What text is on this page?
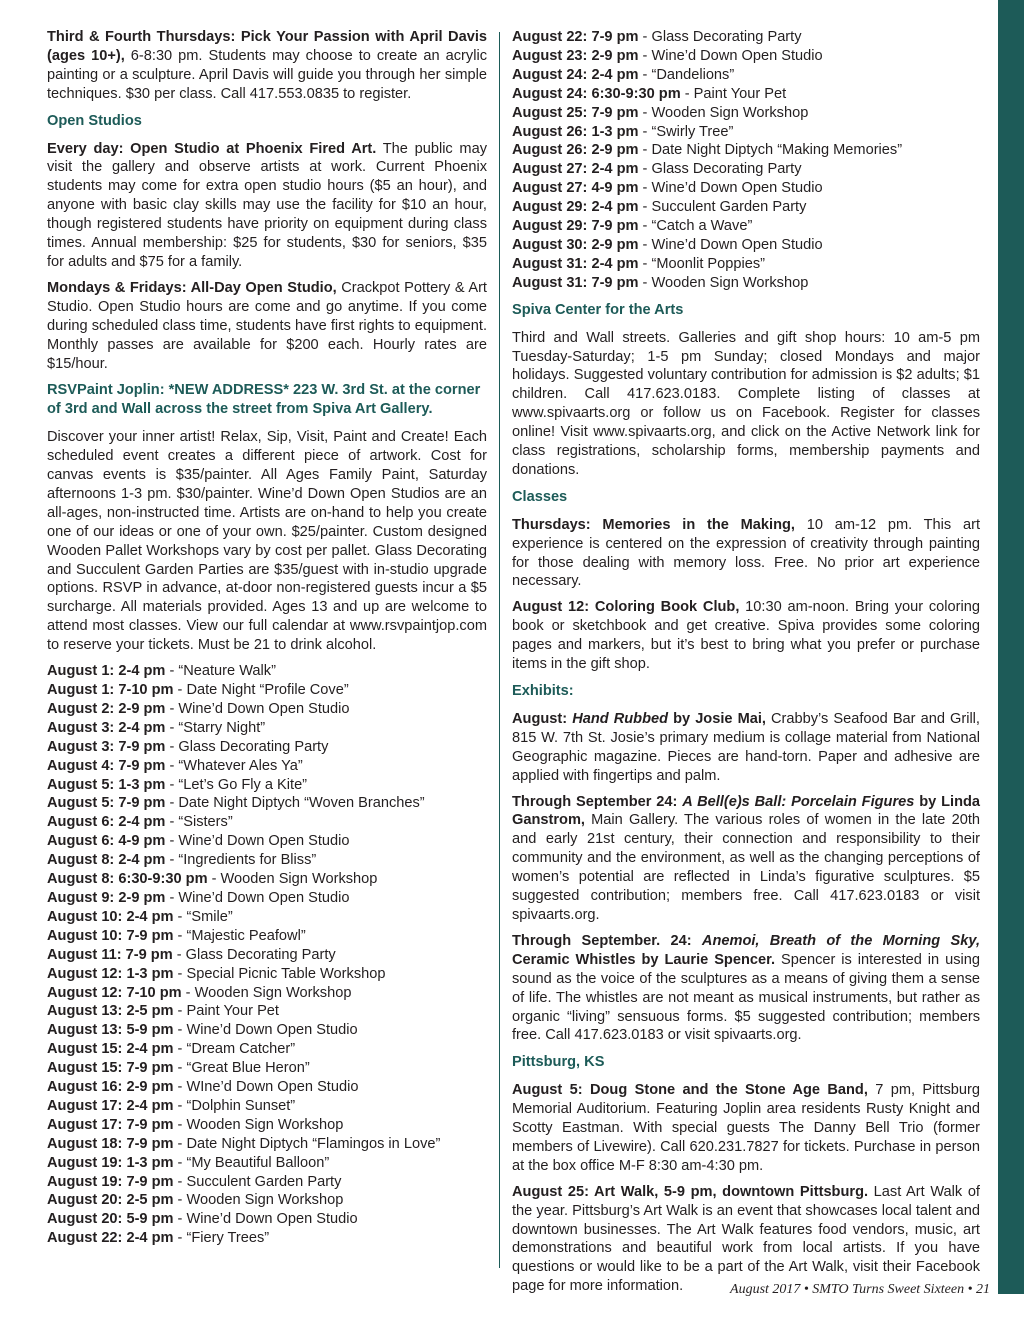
Third & Fourth Thursdays: Pick Your Passion with April Davis (ages 10+), 6-8:30 pm. Students may choose to create an acrylic painting or a sculpture. April Davis will guide you through her simple techniques. $30 per class. Call 417.553.0835 to register.

Open Studios

Every day: Open Studio at Phoenix Fired Art. The public may visit the gallery and observe artists at work. Current Phoenix students may come for extra open studio hours ($5 an hour), and anyone with basic clay skills may use the facility for $10 an hour, though registered students have priority on equipment during class times. Annual membership: $25 for students, $30 for seniors, $35 for adults and $75 for a family.

Mondays & Fridays: All-Day Open Studio, Crackpot Pottery & Art Studio. Open Studio hours are come and go anytime. If you come during scheduled class time, students have first rights to equipment. Monthly passes are available for $200 each. Hourly rates are $15/hour.

RSVPaint Joplin: *NEW ADDRESS* 223 W. 3rd St. at the corner of 3rd and Wall across the street from Spiva Art Gallery.

Discover your inner artist! Relax, Sip, Visit, Paint and Create! Each scheduled event creates a different piece of artwork. Cost for canvas events is $35/painter. All Ages Family Paint, Saturday afternoons 1-3 pm. $30/painter. Wine’d Down Open Studios are an all-ages, non-instructed time. Artists are on-hand to help you create one of our ideas or one of your own. $25/painter. Custom designed Wooden Pallet Workshops vary by cost per pallet. Glass Decorating and Succulent Garden Parties are $35/guest with in-studio upgrade options. RSVP in advance, at-door non-registered guests incur a $5 surcharge. All materials provided. Ages 13 and up are welcome to attend most classes. View our full calendar at www.rsvpaintjop.com to reserve your tickets. Must be 21 to drink alcohol.

August 1: 2-4 pm - “Neature Walk”
August 1: 7-10 pm - Date Night “Profile Cove”
August 2: 2-9 pm - Wine’d Down Open Studio
August 3: 2-4 pm - “Starry Night”
August 3: 7-9 pm - Glass Decorating Party
August 4: 7-9 pm - “Whatever Ales Ya”
August 5: 1-3 pm - “Let’s Go Fly a Kite”
August 5: 7-9 pm - Date Night Diptych “Woven Branches”
August 6: 2-4 pm - “Sisters”
August 6: 4-9 pm - Wine’d Down Open Studio
August 8: 2-4 pm - “Ingredients for Bliss”
August 8: 6:30-9:30 pm - Wooden Sign Workshop
August 9: 2-9 pm - Wine’d Down Open Studio
August 10: 2-4 pm - “Smile”
August 10: 7-9 pm - “Majestic Peafowl”
August 11: 7-9 pm - Glass Decorating Party
August 12: 1-3 pm - Special Picnic Table Workshop
August 12: 7-10 pm - Wooden Sign Workshop
August 13: 2-5 pm - Paint Your Pet
August 13: 5-9 pm - Wine’d Down Open Studio
August 15: 2-4 pm - “Dream Catcher”
August 15: 7-9 pm - “Great Blue Heron”
August 16: 2-9 pm - WIne’d Down Open Studio
August 17: 2-4 pm - “Dolphin Sunset”
August 17: 7-9 pm - Wooden Sign Workshop
August 18: 7-9 pm - Date Night Diptych “Flamingos in Love”
August 19: 1-3 pm - “My Beautiful Balloon”
August 19: 7-9 pm - Succulent Garden Party
August 20: 2-5 pm - Wooden Sign Workshop
August 20: 5-9 pm - Wine’d Down Open Studio
August 22: 2-4 pm - “Fiery Trees”
August 22: 7-9 pm - Glass Decorating Party
August 23: 2-9 pm - Wine’d Down Open Studio
August 24: 2-4 pm - “Dandelions”
August 24: 6:30-9:30 pm - Paint Your Pet
August 25: 7-9 pm - Wooden Sign Workshop
August 26: 1-3 pm - “Swirly Tree”
August 26: 2-9 pm - Date Night Diptych “Making Memories”
August 27: 2-4 pm - Glass Decorating Party
August 27: 4-9 pm - Wine’d Down Open Studio
August 29: 2-4 pm - Succulent Garden Party
August 29: 7-9 pm - “Catch a Wave”
August 30: 2-9 pm - Wine’d Down Open Studio
August 31: 2-4 pm - “Moonlit Poppies”
August 31: 7-9 pm - Wooden Sign Workshop
Spiva Center for the Arts

Third and Wall streets. Galleries and gift shop hours: 10 am-5 pm Tuesday-Saturday; 1-5 pm Sunday; closed Mondays and major holidays. Suggested voluntary contribution for admission is $2 adults; $1 children. Call 417.623.0183. Complete listing of classes at www.spivaarts.org or follow us on Facebook. Register for classes online! Visit www.spivaarts.org, and click on the Active Network link for class registrations, scholarship forms, membership payments and donations.

Classes

Thursdays: Memories in the Making, 10 am-12 pm. This art experience is centered on the expression of creativity through painting for those dealing with memory loss. Free. No prior art experience necessary.

August 12: Coloring Book Club, 10:30 am-noon. Bring your coloring book or sketchbook and get creative. Spiva provides some coloring pages and markers, but it’s best to bring what you prefer or purchase items in the gift shop.

Exhibits:

August: Hand Rubbed by Josie Mai, Crabby’s Seafood Bar and Grill, 815 W. 7th St. Josie’s primary medium is collage material from National Geographic magazine. Pieces are hand-torn. Paper and adhesive are applied with fingertips and palm.

Through September 24: A Bell(e)s Ball: Porcelain Figures by Linda Ganstrom, Main Gallery. The various roles of women in the late 20th and early 21st century, their connection and responsibility to their community and the environment, as well as the changing perceptions of women’s potential are reflected in Linda’s figurative sculptures. $5 suggested contribution; members free. Call 417.623.0183 or visit spivaarts.org.

Through September. 24: Anemoi, Breath of the Morning Sky, Ceramic Whistles by Laurie Spencer. Spencer is interested in using sound as the voice of the sculptures as a means of giving them a sense of life. The whistles are not meant as musical instruments, but rather as organic “living” sensuous forms. $5 suggested contribution; members free. Call 417.623.0183 or visit spivaarts.org.

Pittsburg, KS

August 5: Doug Stone and the Stone Age Band, 7 pm, Pittsburg Memorial Auditorium. Featuring Joplin area residents Rusty Knight and Scotty Eastman. With special guests The Danny Bell Trio (former members of Livewire). Call 620.231.7827 for tickets. Purchase in person at the box office M-F 8:30 am-4:30 pm.

August 25: Art Walk, 5-9 pm, downtown Pittsburg. Last Art Walk of the year. Pittsburg’s Art Walk is an event that showcases local talent and downtown businesses. The Art Walk features food vendors, music, art demonstrations and beautiful work from local artists. If you have questions or would like to be a part of the Art Walk, visit their Facebook page for more information.	August 2017 • SMTO Turns Sweet Sixteen • 21
